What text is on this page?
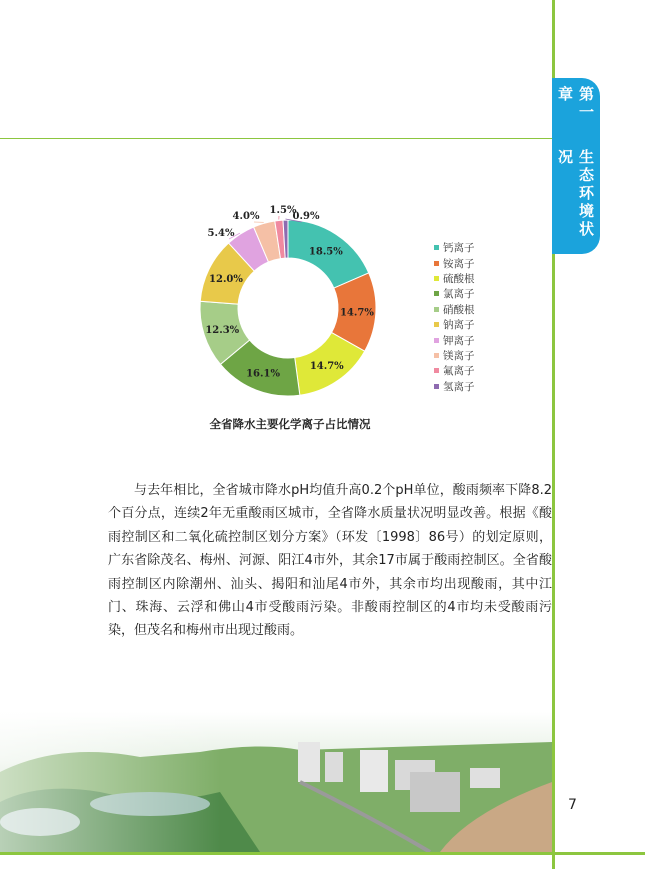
第一章
生态环境状况
18.5%
14.7%
14.7%
16.1%
12.3%
12.0%
5.4%
4.0%
1.5%
0.9%
钙离子
铵离子
硫酸根
氯离子
硝酸根
钠离子
钾离子
镁离子
氟离子
氢离子
全省降水主要化学离子占比情况
与去年相比，全省城市降水pH均值升高0.2个pH单位，酸雨频率下降8.2个百分点，连续2年无重酸雨区城市，全省降水质量状况明显改善。根据《酸雨控制区和二氧化硫控制区划分方案》（环发〔1998〕86号）的划定原则，广东省除茂名、梅州、河源、阳江4市外，其余17市属于酸雨控制区。全省酸雨控制区内除潮州、汕头、揭阳和汕尾4市外，其余市均出现酸雨，其中江门、珠海、云浮和佛山4市受酸雨污染。非酸雨控制区的4市均未受酸雨污染，但茂名和梅州市出现过酸雨。
7
